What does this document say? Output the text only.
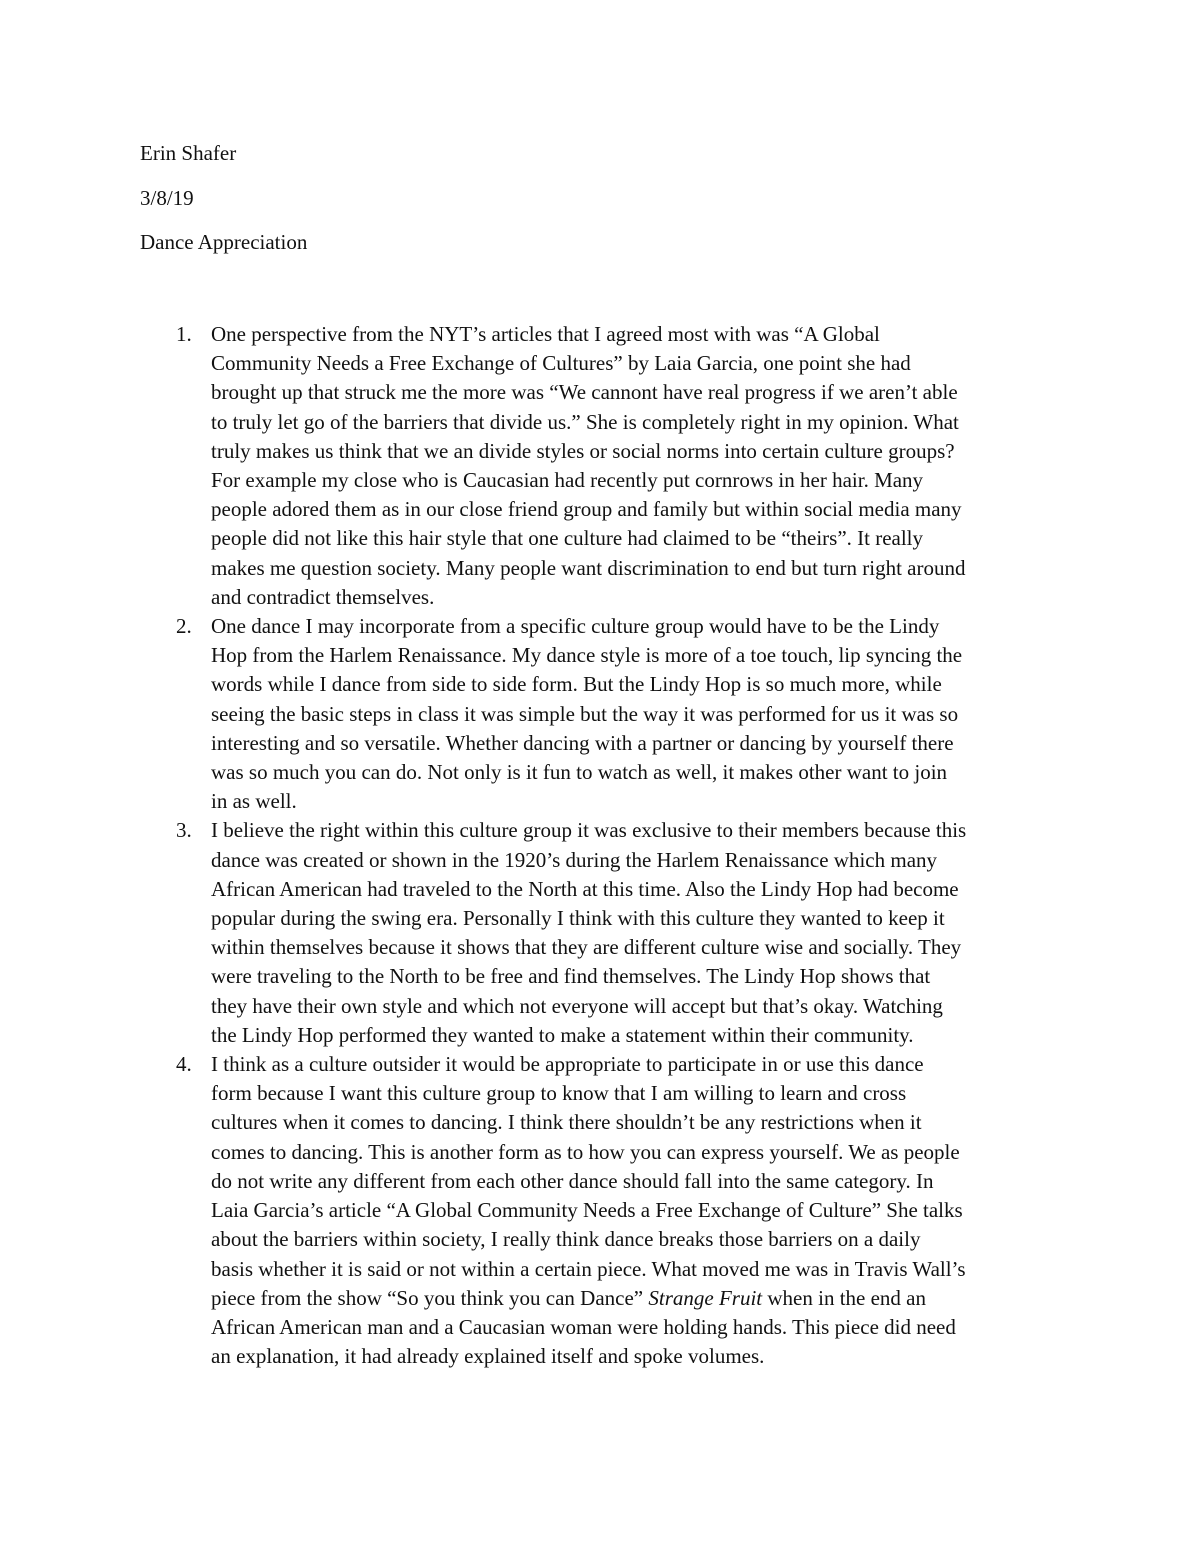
Erin Shafer
3/8/19
Dance Appreciation
1. One perspective from the NYT’s articles that I agreed most with was “A Global
Community Needs a Free Exchange of Cultures” by Laia Garcia, one point she had
brought up that struck me the more was “We cannont have real progress if we aren’t able
to truly let go of the barriers that divide us.” She is completely right in my opinion. What
truly makes us think that we an divide styles or social norms into certain culture groups?
For example my close who is Caucasian had recently put cornrows in her hair. Many
people adored them as in our close friend group and family but within social media many
people did not like this hair style that one culture had claimed to be “theirs”. It really
makes me question society. Many people want discrimination to end but turn right around
and contradict themselves.
2. One dance I may incorporate from a specific culture group would have to be the Lindy
Hop from the Harlem Renaissance. My dance style is more of a toe touch, lip syncing the
words while I dance from side to side form. But the Lindy Hop is so much more, while
seeing the basic steps in class it was simple but the way it was performed for us it was so
interesting and so versatile. Whether dancing with a partner or dancing by yourself there
was so much you can do. Not only is it fun to watch as well, it makes other want to join
in as well.
3. I believe the right within this culture group it was exclusive to their members because this
dance was created or shown in the 1920’s during the Harlem Renaissance which many
African American had traveled to the North at this time. Also the Lindy Hop had become
popular during the swing era. Personally I think with this culture they wanted to keep it
within themselves because it shows that they are different culture wise and socially. They
were traveling to the North to be free and find themselves. The Lindy Hop shows that
they have their own style and which not everyone will accept but that’s okay. Watching
the Lindy Hop performed they wanted to make a statement within their community.
4. I think as a culture outsider it would be appropriate to participate in or use this dance
form because I want this culture group to know that I am willing to learn and cross
cultures when it comes to dancing. I think there shouldn’t be any restrictions when it
comes to dancing. This is another form as to how you can express yourself. We as people
do not write any different from each other dance should fall into the same category. In
Laia Garcia’s article “A Global Community Needs a Free Exchange of Culture” She talks
about the barriers within society, I really think dance breaks those barriers on a daily
basis whether it is said or not within a certain piece. What moved me was in Travis Wall’s
piece from the show “So you think you can Dance” Strange Fruit when in the end an
African American man and a Caucasian woman were holding hands. This piece did need
an explanation, it had already explained itself and spoke volumes.
